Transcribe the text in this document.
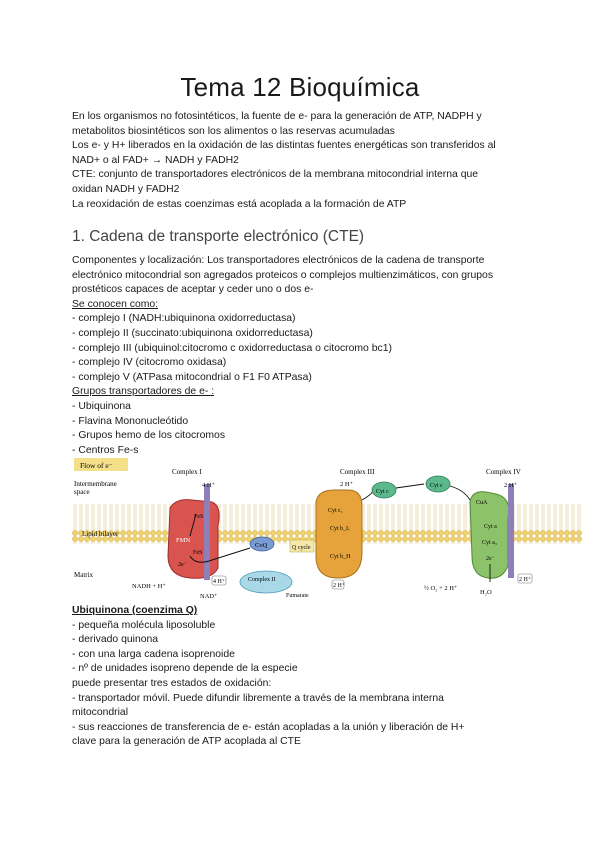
Tema 12 Bioquímica

En los organismos no fotosintéticos, la fuente de e- para la generación de ATP, NADPH y

metabolitos biosintéticos son los alimentos o las reservas acumuladas

Los e- y H+ liberados en la oxidación de las distintas fuentes energéticas son transferidos al

NAD+ o al FAD+ → NADH y FADH2

CTE: conjunto de transportadores electrónicos de la membrana mitocondrial interna que

oxidan NADH y FADH2

La reoxidación de estas coenzimas está acoplada a la formación de ATP

1. Cadena de transporte electrónico (CTE)

Componentes y localización: Los transportadores electrónicos de la cadena de transporte

electrónico mitocondrial son agregados proteicos o complejos multienzimáticos, con grupos

prostéticos capaces de aceptar y ceder uno o dos e-

Se conocen como:

- complejo I (NADH:ubiquinona oxidorreductasa)

- complejo II (succinato:ubiquinona oxidorreductasa)

- complejo III (ubiquinol:citocromo c oxidorreductasa o citocromo bc1)

- complejo IV (citocromo oxidasa)

- complejo V (ATPasa mitocondrial o F1 F0 ATPasa)

Grupos transportadores de e- :

- Ubiquinona

- Flavina Mononucleótido

- Grupos hemo de los citocromos

- Centros Fe-s

Flow of e⁻
Intermembrane
space
Lipid bilayer
Matrix
Complex I
4 H⁺
FMN
FeS
FeS
2e⁻
NADH + H⁺
NAD⁺
4 H⁺
CoQ
Complex II
Fumarate
Q cycle
Complex III
2 H⁺
Cyt c₁
Cyt b_L
Cyt b_H
2 H⁺
Cyt c
Cyt c
Complex IV
2 H⁺
CuA
Cyt a
Cyt a₃
2e⁻
2 H⁺
½ O₂ + 2 H⁺
H₂O

Ubiquinona (coenzima Q)

- pequeña molécula liposoluble

- derivado quinona

- con una larga cadena isoprenoide

- nº de unidades isopreno depende de la especie

puede presentar tres estados de oxidación:

- transportador móvil. Puede difundir libremente a través de la membrana interna

mitocondrial

- sus reacciones de transferencia de e- están acopladas a la unión y liberación de H+

clave para la generación de ATP acoplada al CTE
